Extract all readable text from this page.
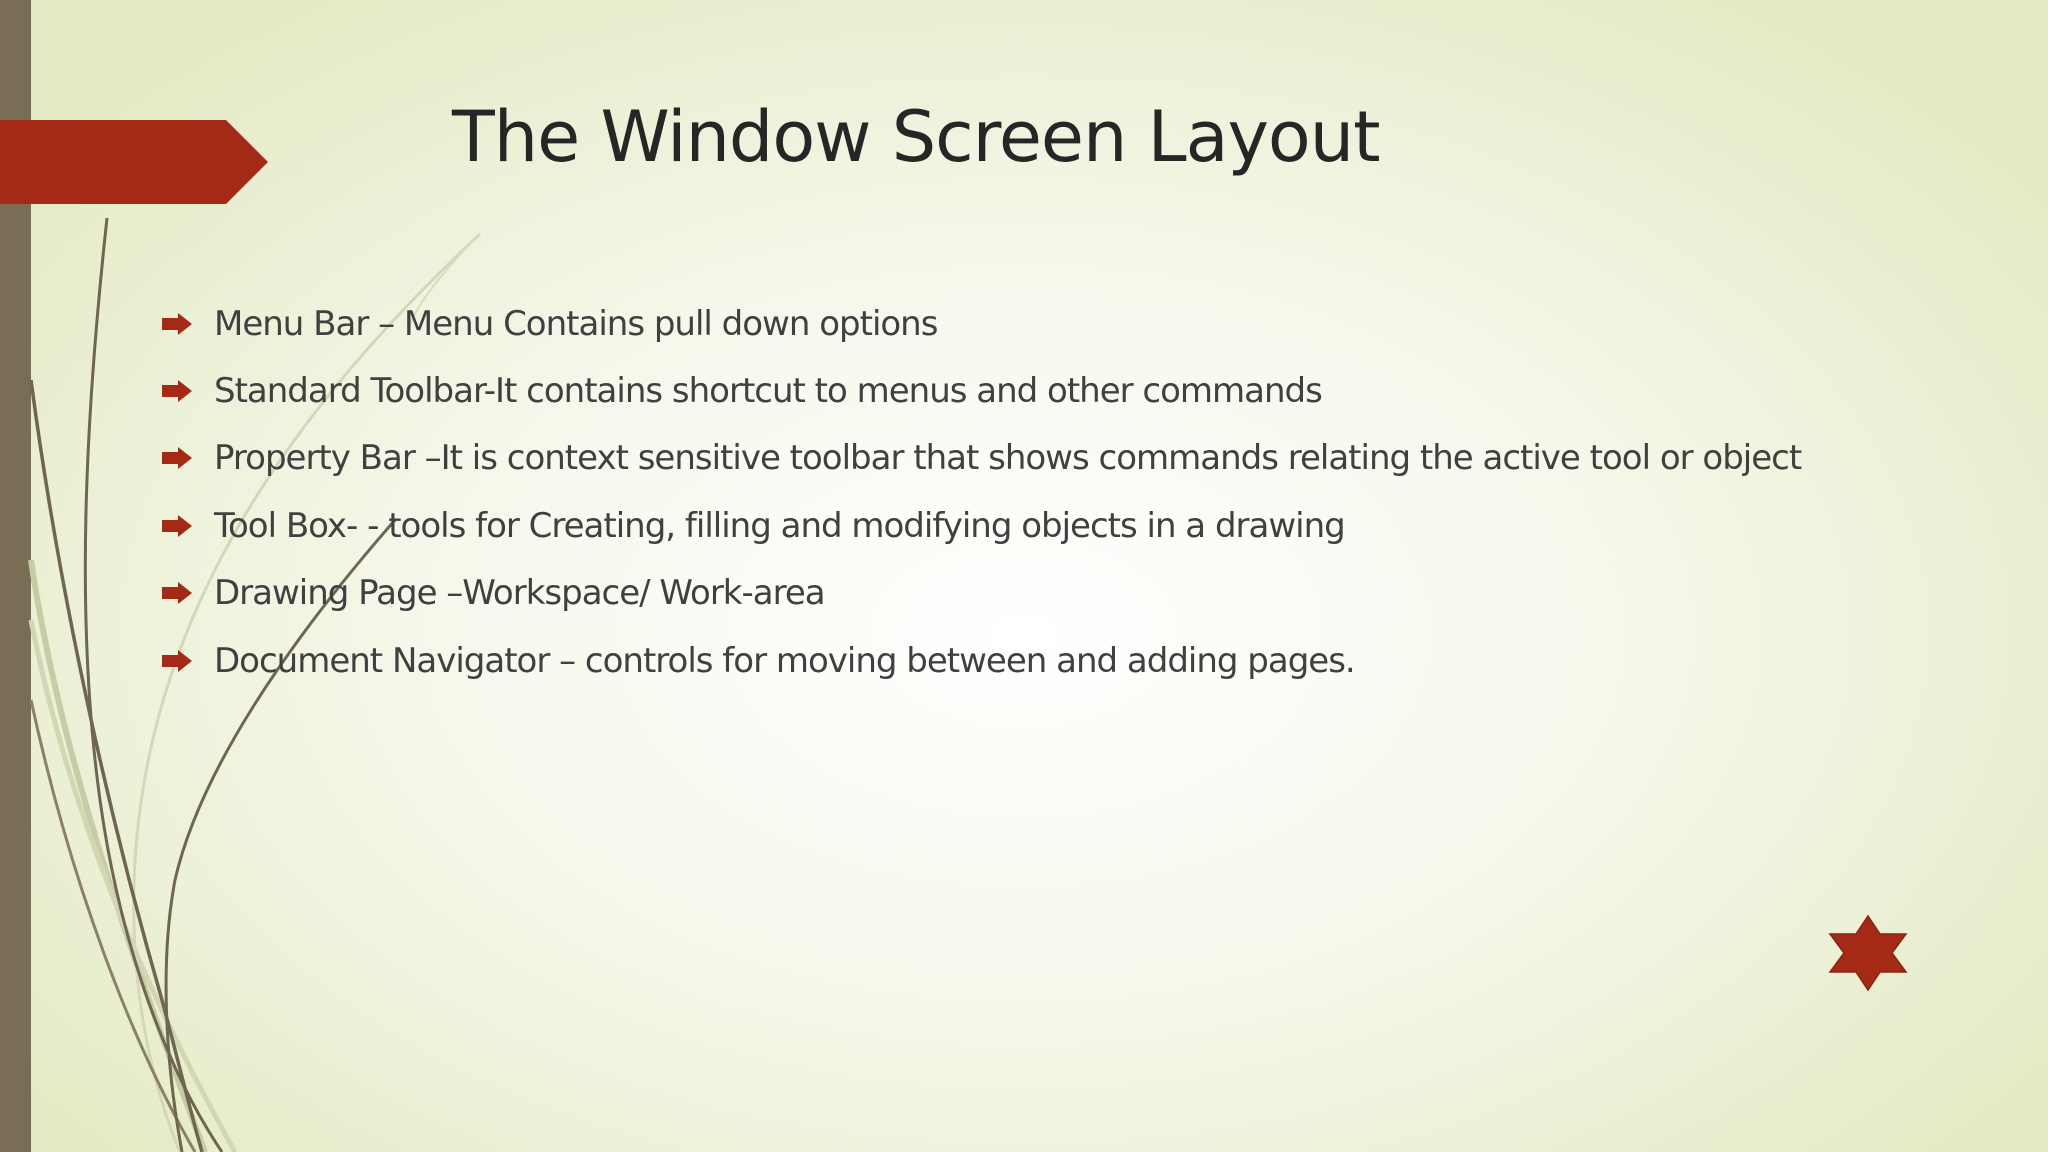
The Window Screen Layout
Menu Bar – Menu Contains pull down options
Standard Toolbar-It contains shortcut to menus and other commands
Property Bar –It is context sensitive toolbar that shows commands relating the active tool or object
Tool Box- - tools for Creating, filling and modifying objects in a drawing
Drawing Page –Workspace/ Work-area
Document Navigator – controls for moving between and adding pages.
